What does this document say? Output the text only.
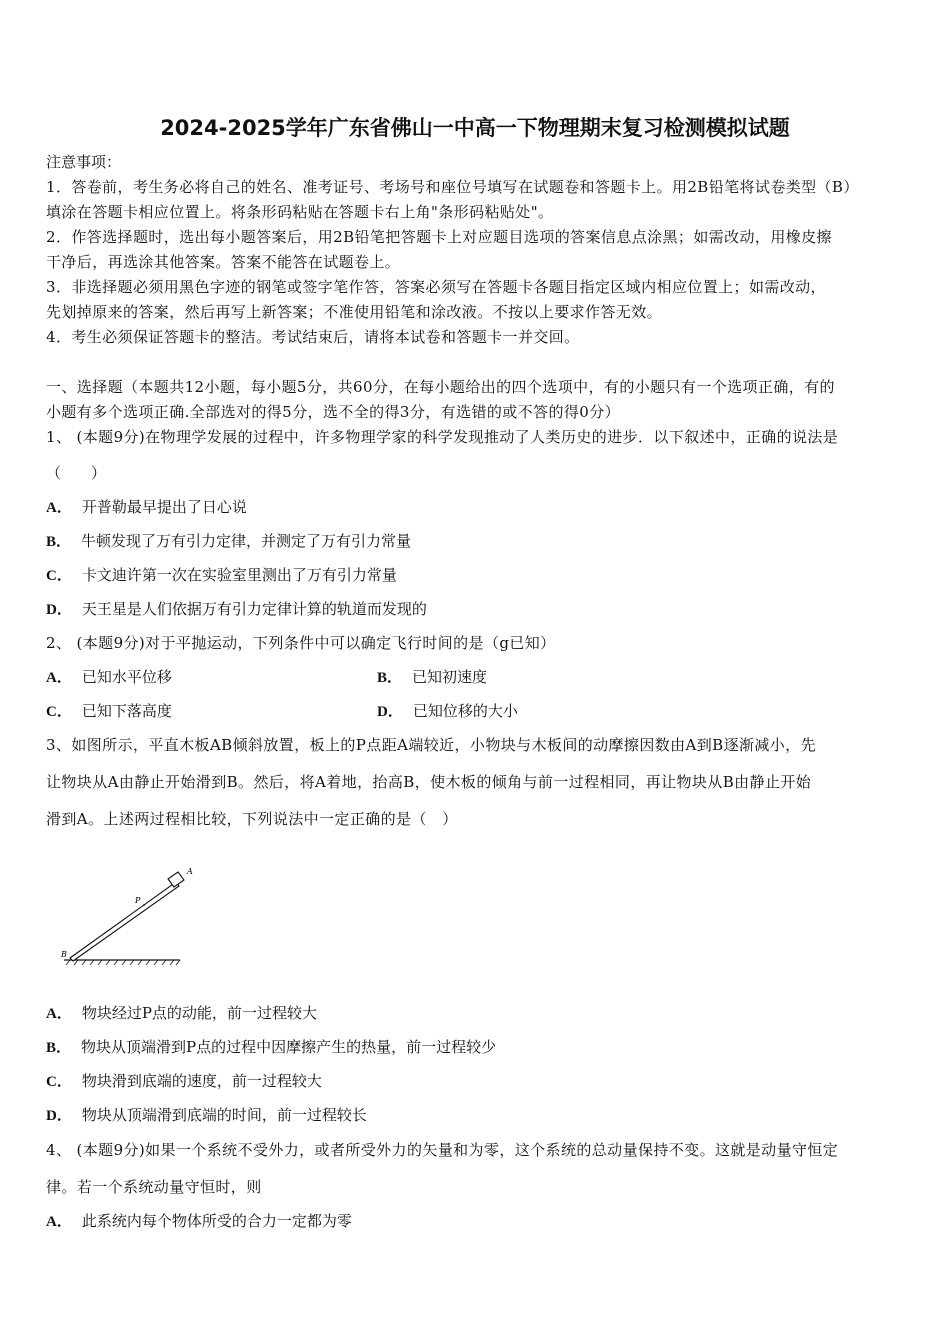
2024-2025学年广东省佛山一中高一下物理期末复习检测模拟试题
注意事项：
1．答卷前，考生务必将自己的姓名、准考证号、考场号和座位号填写在试题卷和答题卡上。用2B铅笔将试卷类型（B）
填涂在答题卡相应位置上。将条形码粘贴在答题卡右上角"条形码粘贴处"。
2．作答选择题时，选出每小题答案后，用2B铅笔把答题卡上对应题目选项的答案信息点涂黑；如需改动，用橡皮擦
干净后，再选涂其他答案。答案不能答在试题卷上。
3．非选择题必须用黑色字迹的钢笔或签字笔作答，答案必须写在答题卡各题目指定区域内相应位置上；如需改动，
先划掉原来的答案，然后再写上新答案；不准使用铅笔和涂改液。不按以上要求作答无效。
4．考生必须保证答题卡的整洁。考试结束后，请将本试卷和答题卡一并交回。
一、选择题（本题共12小题，每小题5分，共60分，在每小题给出的四个选项中，有的小题只有一个选项正确，有的
小题有多个选项正确.全部选对的得5分，选不全的得3分，有选错的或不答的得0分）
1、 (本题9分)在物理学发展的过程中，许多物理学家的科学发现推动了人类历史的进步．以下叙述中，正确的说法是
（　　）
A． 开普勒最早提出了日心说
B． 牛顿发现了万有引力定律，并测定了万有引力常量
C． 卡文迪许第一次在实验室里测出了万有引力常量
D． 天王星是人们依据万有引力定律计算的轨道而发现的
2、 (本题9分)对于平抛运动，下列条件中可以确定飞行时间的是（g已知）
A． 已知水平位移	B． 已知初速度
C． 已知下落高度	D． 已知位移的大小
3、如图所示，平直木板AB倾斜放置，板上的P点距A端较近，小物块与木板间的动摩擦因数由A到B逐渐减小，先
让物块从A由静止开始滑到B。然后，将A着地，抬高B，使木板的倾角与前一过程相同，再让物块从B由静止开始
滑到A。上述两过程相比较，下列说法中一定正确的是（　）
A
B
P
A． 物块经过P点的动能，前一过程较大
B． 物块从顶端滑到P点的过程中因摩擦产生的热量，前一过程较少
C． 物块滑到底端的速度，前一过程较大
D． 物块从顶端滑到底端的时间，前一过程较长
4、 (本题9分)如果一个系统不受外力，或者所受外力的矢量和为零，这个系统的总动量保持不变。这就是动量守恒定
律。若一个系统动量守恒时，则
A． 此系统内每个物体所受的合力一定都为零
